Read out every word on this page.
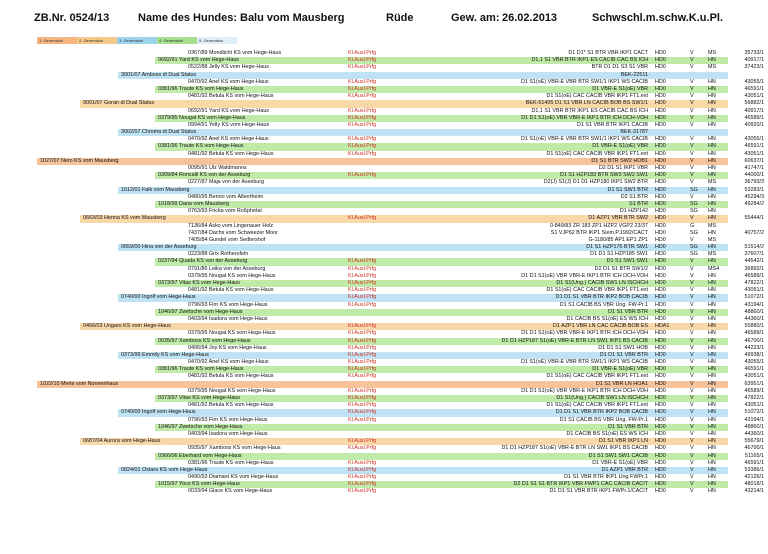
ZB.Nr. 0524/13	Name des Hundes: Balu vom Mausberg	Rüde	Gew. am: 26.02.2013	Schwschl.m.schw.K.u.Pl.
1. Generation	2. Generation	3. Generation	4. Generation	5. Generation
0367/89 Mondlicht KS vom Hege-Haus	Kl.Ausl.Prfg	D1 D1* S1 BTR VBR IKP1 CACT HD0	V	MS	35733/1
0692/91 Yard KS vom Hege-Haus	Kl.Ausl.Prfg	D1,1 S1 VBR BTR IKP1 ES CACIB CAC BS ICH HD0	V	HN	40917/1
0522/88 Jelly KS vom Hege-Haus	Kl.Ausl.Prfg	BTR D1 D1 S3 S1 VBR HD0	V	MS	37423/1
3001/07 Amboss di Dual Status	BEK-22511
0470/92 Anel KS vom Hege-Haus	Kl.Ausl.Prfg	D1 S1(oE) VBR-E VBR BTR SW1/1 IKP1 WS CACIB HD0	V	HN	43055/1
0381/96 Traute KS vom Hege-Haus	Kl.Ausl.Prfg	D1 VBR-E S1(oE) VBR HD0	V	HN	46591/1
0481/92 Betula KS vom Hege-Haus	Kl.Ausl.Prfg	D1 S1(oE) CAC CACIB VBR IKP1 FT1.ext HD0	V	HN	43051/1
9001/07 Goran di Dual Status	BEK-51405 D1 S1 VBR LN CACIB BOB BS SW1/1 HD0	V	HN	56882/1
0692/91 Yard KS vom Hege-Haus	Kl.Ausl.Prfg	D1,1 S1 VBR BTR IKP1 ES CACIB CAC BS ICH HD0	V	HN	40917/1
0379/95 Nougat KS vom Hege-Haus	Kl.Ausl.Prfg	D1 D1 S1(oE) VBR VBR-E IKP1 BTR ICH DCH-VDH HD0	V	HN	46589/1
0994/91 Yelly KS vom Hege-Haus	Kl.Ausl.Prfg	D1 S1 VBR BTR IKP1 CACIB HD0	V	HN	40920/1
3002/07 Chroma di Dual Status	BEK-31787
0470/92 Anel KS vom Hege-Haus	Kl.Ausl.Prfg	D1 S1(oE) VBR-E VBR BTR SW1/1 IKP1 WS CACIB HD0	V	HN	43055/1
0381/96 Traute KS vom Hege-Haus	Kl.Ausl.Prfg	D1 VBR-E S1(oE) VBR HD0	V	HN	46591/1
0481/92 Betula KS vom Hege-Haus	Kl.Ausl.Prfg	D1 S1(oE) CAC CACIB VBR IKP1 FT1.ext HD0	V	HN	43051/1
1027/07 Nero KS vom Mausberg	D1 S1 BTR SW2 HOB1 HD0	V	HN	60637/1
0095/91 Ulz Waldmanns	D2 D1 S1 IKP1 VBR HD0	V	HN	41747/1
0309/84 Roncalli KS von der Asseburg	Kl.Ausl.Prfg	D1 S1 HZP183 BTR SW3 SW2 SW1 HD0	V	HN	44000/1
0227/87 Maja von der Asseburg	D2(J) S1(J) D1 D1 HZP180 IKP1 SW2 BTR HD0	V	MS	36793/3
1012/01 Falk vom Mausberg	D1 S1 SW1 BTR HD0	SG HN	53283/1
0480/95 Benno vom Albertheim	D2 S1 BTR HD0	V	HN	45294/3
1018/99 Dana vom Mausberg	S1 BTR HD0	SG HN	49284/2
0763/93 Fricka vom Roßphetal	D1 HZP142 HD0	SG HN
0663/03 Henna KS vom Mausberg	Kl.Ausl.Prfg	D1 AZP1 VBR BTR SW2 HD0	V	HN	55444/1
7136/84 Asko vom Lingenauer Holz	0-849/83 ZR 183 ZP1 HZP2 VGP2 23/37 HD0	G	MS
7437/84 Dachs vom Schweezer Moor	S1 VJP62 BTR IKP1 Siem.P.1992/CACT HD0	SG HN	40757/2
7405/84 Gundel vom Sedlershof	G-1180/85 AP1 EP1 ZP1 HD0	V	MS
0659/00 Hina von der Asseburg	D1 S1 HZP176 BTR SW1 HD0	SG HN	51514/2
0223/88 Grix Rotherufeln	D1 D1 S1 HZP185 SW1 HD0	SG MS	37607/1
0237/94 Quada KS von der Asseburg	Kl.Ausl.Prfg	D1 S1 SW1 SW1 HD0	V	HN	44542/1
0791/86 Leika von der Asseburg	Kl.Ausl.Prfg	D2 D1 S1 BTR SW1/2 HD0	V	MS4	36892/1
0379/95 Nougat KS vom Hege-Haus	Kl.Ausl.Prfg	D1 D1 S1(oE) VBR VBR-E IKP1 BTR ICH DCH-VDH HD0	V	HN	46589/1
0373/97 Vitas KS vom Hege-Haus	Kl.Ausl.Prfg	D1 S1(Ung.) CACIB SW1 LN ISCHCH HD0	V	HN	47822/1
0481/92 Betula KS vom Hege-Haus	Kl.Ausl.Prfg	D1 S1(oE) CAC CACIB VBR IKP1 FT1.ext HD0	V	HN	43051/1
0740/00 Ingolf vom Hege-Haus	Kl.Ausl.Prfg	D1 D1 S1 VBR BTR IKP2 BOB CACIB HD0	V	HN	51072/1
0796/93 Firn KS vom Hege-Haus	Kl.Ausl.Prfg	D1 S1 CACIB BS VBR Ung. FW-Pr.1 HD0	V	HN	43194/1
1046/97 Zwetsche vom Hege-Haus	D1 S1 VBR BTR HD0	V	HN	48860/1
0403/94 Isadora vom Hege-Haus	D1 CACIB BS S1(oE) ES WS ICH HD0	V	HN	44360/1
0466/03 Ungaro KS vom Hege-Haus	Kl.Ausl.Prfg	D1 AZP1 VBR LN CAC CACIB BOB ES HDA1	V	HN	55880/1
0379/95 Nougat KS vom Hege-Haus	Kl.Ausl.Prfg	D1 D1 S1(oE) VBR VBR-E IKP1 BTR ICH DCH-VDH HD0	V	HN	46589/1
0035/97 Xamboss KS vom Hege-Haus	Kl.Ausl.Prfg	D1 D1 HZP187 S1(oE) VBR-E BTR LN SW1 IKP1 BS CACIB HD0	V	HN	46700/1
0406/94 Joy KS vom Hege-Haus	Kl.Ausl.Prfg	D1 D1 S1 SW1 HOB HD0	V	HN	44223/1
0373/99 Emmily KS vom Hege-Haus	Kl.Ausl.Prfg	D1 D1 S1 VBR BTR HD0	V	HN	49938/1
0470/92 Anel KS vom Hege-Haus	Kl.Ausl.Prfg	D1 S1(oE) VBR-E VBR BTR SW1/1 IKP1 WS CACIB HD0	V	HN	43055/1
0381/96 Traute KS vom Hege-Haus	Kl.Ausl.Prfg	D1 VBR-E S1(oE) VBR HD0	V	HN	46591/1
0481/92 Betula KS vom Hege-Haus	Kl.Ausl.Prfg	D1 S1(oE) CAC CACIB VBR IKP1 FT1.ext HD0	V	HN	43051/1
1022/10 Merle vom Nonnenhaus	D1 S1 VBR LN HOA1 HD0	V	HN	63951/1
0379/95 Nougat KS vom Hege-Haus	Kl.Ausl.Prfg	D1 D1 S1(oE) VBR VBR-E IKP1 BTR ICH DCH-VDH HD0	V	HN	46589/1
0373/97 Vitas KS vom Hege-Haus	Kl.Ausl.Prfg	D1 S1(Ung.) CACIB SW1 LN ISCHCH HD0	V	HN	47822/1
0481/92 Betula KS vom Hege-Haus	Kl.Ausl.Prfg	D1 S1(oE) CAC CACIB VBR IKP1 FT1.ext HD0	V	HN	43051/1
0740/00 Ingolf vom Hege-Haus	Kl.Ausl.Prfg	D1 D1 S1 VBR BTR IKP2 BOB CACIB HD0	V	HN	51072/1
0796/93 Firn KS vom Hege-Haus	Kl.Ausl.Prfg	D1 S1 CACIB BS VBR Ung. FW-Pr.1 HD0	V	HN	43194/1
1046/97 Zwetsche vom Hege-Haus	D1 S1 VBR BTR HD0	V	HN	48860/1
0403/94 Isadora vom Hege-Haus	D1 CACIB BS S1(oE) ES WS ICH HD0	V	HN	44360/1
0687/04 Aurora vom Hege-Haus	Kl.Ausl.Prfg	D1 S1 VBR IKP1 LN HD0	V	HN	55679/1
0935/97 Xamboss KS vom Hege-Haus	Kl.Ausl.Prfg	D1 D1 HZP187 S1(oE) VBR-E BTR LN SW1 IKP1 BS CACIB HD0	V	HN	46700/1
0366/06 Eberhard vom Hege-Haus	D1 S1 SW1 SW1 CACIB HD0	V	HN	51165/1
0381/96 Traute KS vom Hege-Haus	Kl.Ausl.Prfg	D1 VBR-E S1(oE) VBR HD0	V	HN	46591/1
0824/01 Ostara KS vom Hege-Haus	Kl.Ausl.Prfg	D1 AZP1 VBR BTR HD0	V	HN	53386/1
0490/93 Diamant KS vom Hege-Haus	Kl.Ausl.Prfg	D1 S1 VBR BTR IKP1 Ung FWPr.1 HD0	V	HN	42126/1
1015/97 Yoco KS vom Hege-Haus	Kl.Ausl.Prfg	D2 D1 S1 S1 BTR IKP1 VBR FWP1 CAC CACIB CACIT HD0	V	HN	48018/1
0033/94 Glace KS vom Hege-Haus	Kl.Ausl.Prfg	D1 D1 S1 VBR BTR IKP1 FWPr.1/CACIT HD0	V	HN	43214/1
